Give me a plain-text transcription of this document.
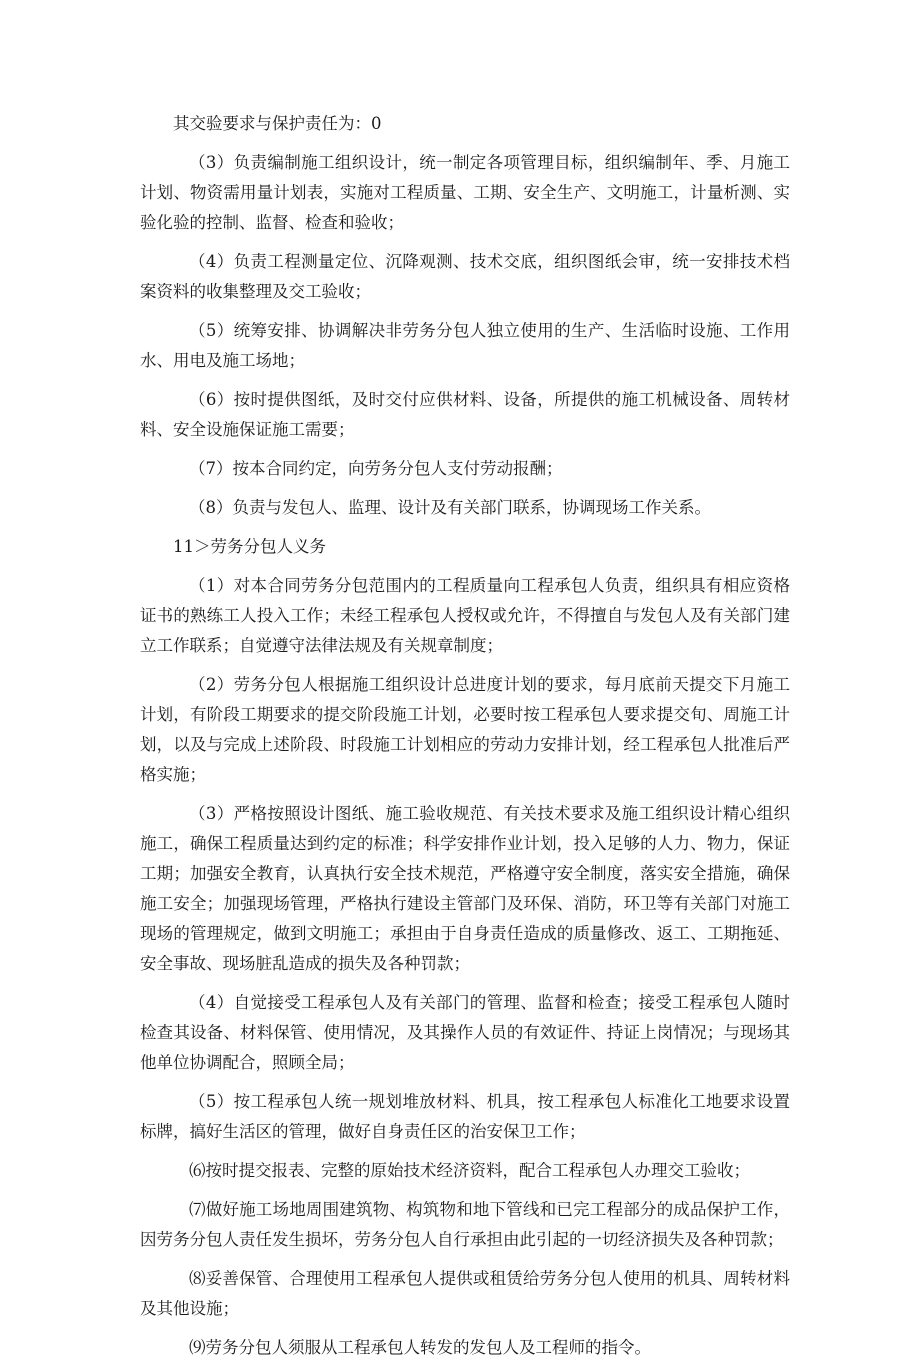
其交验要求与保护责任为：0

（3）负责编制施工组织设计，统一制定各项管理目标，组织编制年、季、月施工计划、物资需用量计划表，实施对工程质量、工期、安全生产、文明施工，计量析测、实验化验的控制、监督、检查和验收；

（4）负责工程测量定位、沉降观测、技术交底，组织图纸会审，统一安排技术档案资料的收集整理及交工验收；

（5）统筹安排、协调解决非劳务分包人独立使用的生产、生活临时设施、工作用水、用电及施工场地；

（6）按时提供图纸，及时交付应供材料、设备，所提供的施工机械设备、周转材料、安全设施保证施工需要；

（7）按本合同约定，向劳务分包人支付劳动报酬；

（8）负责与发包人、监理、设计及有关部门联系，协调现场工作关系。

11＞劳务分包人义务

（1）对本合同劳务分包范围内的工程质量向工程承包人负责，组织具有相应资格证书的熟练工人投入工作；未经工程承包人授权或允许，不得擅自与发包人及有关部门建立工作联系；自觉遵守法律法规及有关规章制度；

（2）劳务分包人根据施工组织设计总进度计划的要求，每月底前天提交下月施工计划，有阶段工期要求的提交阶段施工计划，必要时按工程承包人要求提交旬、周施工计划，以及与完成上述阶段、时段施工计划相应的劳动力安排计划，经工程承包人批准后严格实施；

（3）严格按照设计图纸、施工验收规范、有关技术要求及施工组织设计精心组织施工，确保工程质量达到约定的标准；科学安排作业计划，投入足够的人力、物力，保证工期；加强安全教育，认真执行安全技术规范，严格遵守安全制度，落实安全措施，确保施工安全；加强现场管理，严格执行建设主管部门及环保、消防，环卫等有关部门对施工现场的管理规定，做到文明施工；承担由于自身责任造成的质量修改、返工、工期拖延、安全事故、现场脏乱造成的损失及各种罚款；

（4）自觉接受工程承包人及有关部门的管理、监督和检查；接受工程承包人随时检查其设备、材料保管、使用情况，及其操作人员的有效证件、持证上岗情况；与现场其他单位协调配合，照顾全局；

（5）按工程承包人统一规划堆放材料、机具，按工程承包人标准化工地要求设置标牌，搞好生活区的管理，做好自身责任区的治安保卫工作；

⑹按时提交报表、完整的原始技术经济资料，配合工程承包人办理交工验收；

⑺做好施工场地周围建筑物、构筑物和地下管线和已完工程部分的成品保护工作，因劳务分包人责任发生损坏，劳务分包人自行承担由此引起的一切经济损失及各种罚款；

⑻妥善保管、合理使用工程承包人提供或租赁给劳务分包人使用的机具、周转材料及其他设施；

⑼劳务分包人须服从工程承包人转发的发包人及工程师的指令。
